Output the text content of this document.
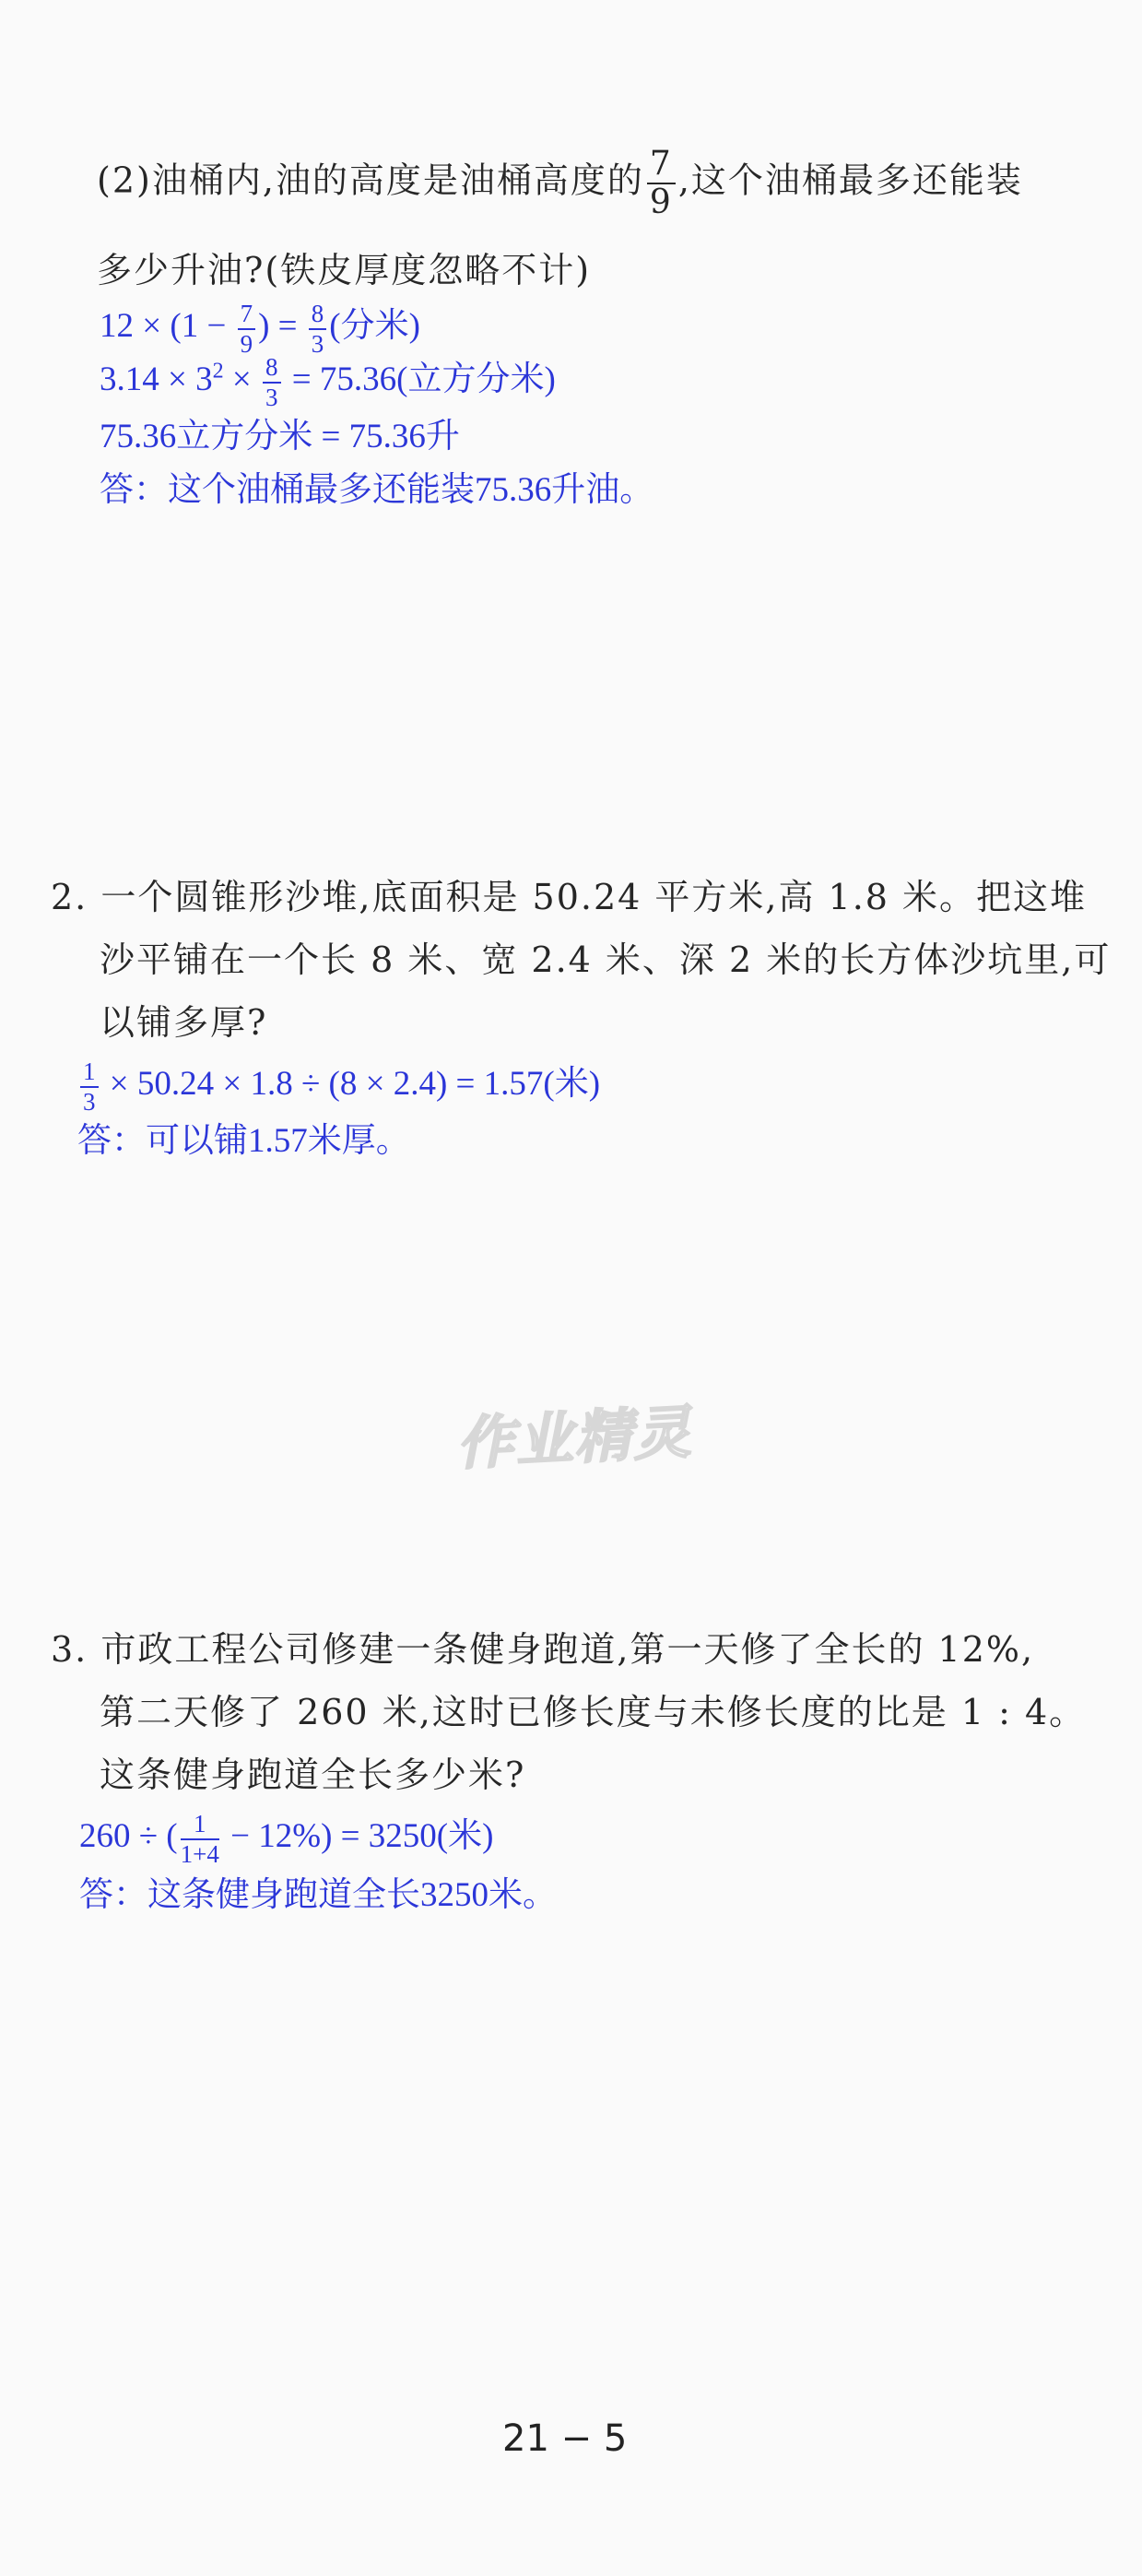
(2)油桶内,油的高度是油桶高度的 $\frac{7}{9}$ ,这个油桶最多还能装
多少升油?(铁皮厚度忽略不计)
$12 \times (1 - \frac{7}{9}$ ) = $\frac{8}{3}$ (分米)
$3.14 \times 3^2 \times \frac{8}{3} = 75.36$(立方分米)
75.36立方分米 = 75.36升
答：这个油桶最多还能装75.36升油。
2. 一个圆锥形沙堆,底面积是 50.24 平方米,高 1.8 米。把这堆
沙平铺在一个长 8 米、宽 2.4 米、深 2 米的长方体沙坑里,可
以铺多厚?
$\frac{1}{3} \times 50.24 \times 1.8 \div (8 \times 2.4) = 1.57$(米)
答：可以铺1.57米厚。
作业精灵
3. 市政工程公司修建一条健身跑道,第一天修了全长的 12%,
第二天修了 260 米,这时已修长度与未修长度的比是 1 : 4。
这条健身跑道全长多少米?
260 ÷ ( $\frac{1}{1+4} - 12\%) = 3250$(米)
答：这条健身跑道全长3250米。
21 − 5
